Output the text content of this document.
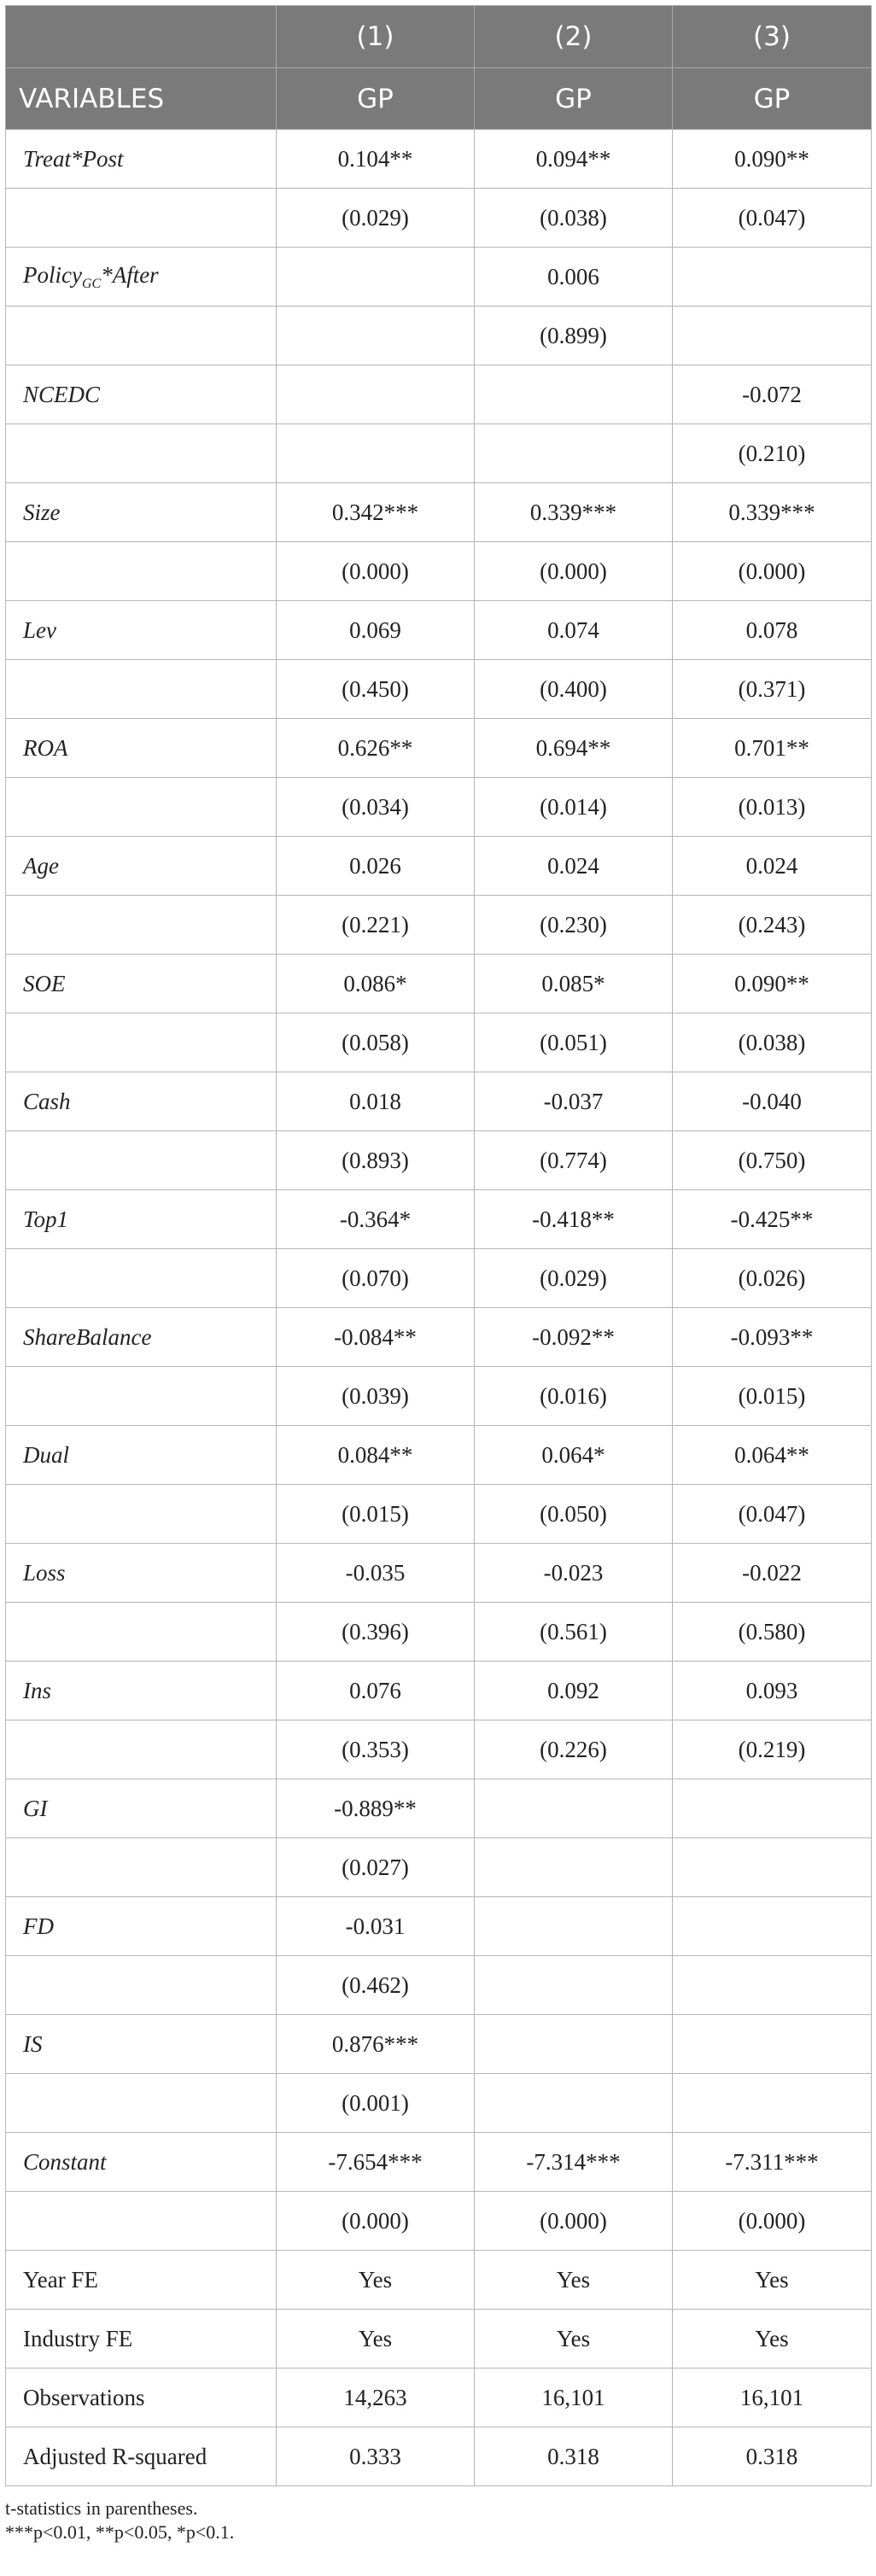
	(1)	(2)	(3)
VARIABLES	GP	GP	GP
Treat*Post	0.104**	0.094**	0.090**
	(0.029)	(0.038)	(0.047)
Policy$_{GC}$*After		0.006	
		(0.899)	
NCEDC			-0.072
			(0.210)
Size	0.342***	0.339***	0.339***
	(0.000)	(0.000)	(0.000)
Lev	0.069	0.074	0.078
	(0.450)	(0.400)	(0.371)
ROA	0.626**	0.694**	0.701**
	(0.034)	(0.014)	(0.013)
Age	0.026	0.024	0.024
	(0.221)	(0.230)	(0.243)
SOE	0.086*	0.085*	0.090**
	(0.058)	(0.051)	(0.038)
Cash	0.018	-0.037	-0.040
	(0.893)	(0.774)	(0.750)
Top1	-0.364*	-0.418**	-0.425**
	(0.070)	(0.029)	(0.026)
ShareBalance	-0.084**	-0.092**	-0.093**
	(0.039)	(0.016)	(0.015)
Dual	0.084**	0.064*	0.064**
	(0.015)	(0.050)	(0.047)
Loss	-0.035	-0.023	-0.022
	(0.396)	(0.561)	(0.580)
Ins	0.076	0.092	0.093
	(0.353)	(0.226)	(0.219)
GI	-0.889**		
	(0.027)		
FD	-0.031		
	(0.462)		
IS	0.876***		
	(0.001)		
Constant	-7.654***	-7.314***	-7.311***
	(0.000)	(0.000)	(0.000)
Year FE	Yes	Yes	Yes
Industry FE	Yes	Yes	Yes
Observations	14,263	16,101	16,101
Adjusted R-squared	0.333	0.318	0.318
t-statistics in parentheses.
***p<0.01, **p<0.05, *p<0.1.
